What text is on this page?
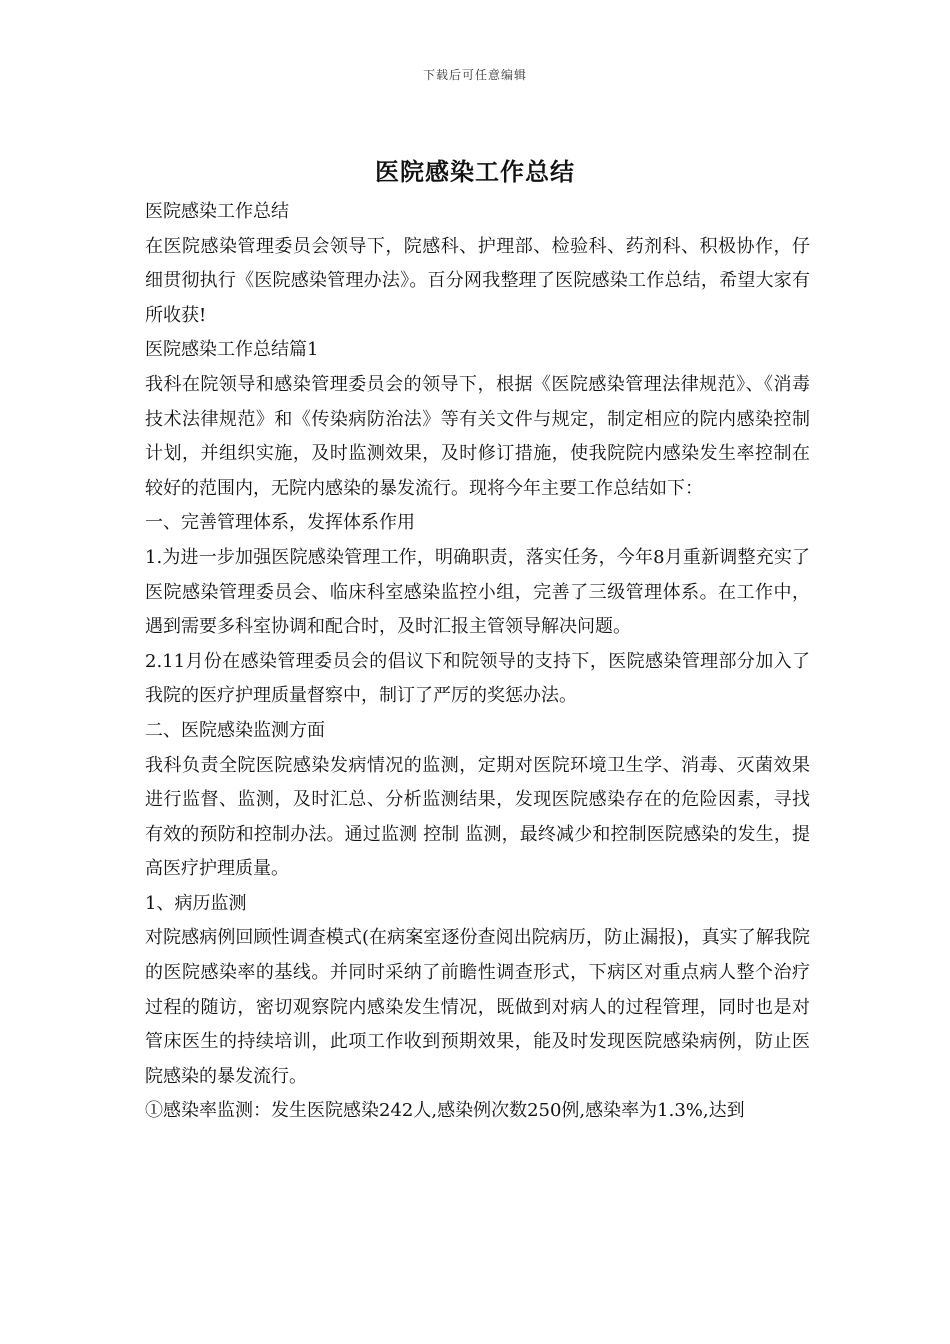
下载后可任意编辑
医院感染工作总结

医院感染工作总结

在医院感染管理委员会领导下，院感科、护理部、检验科、药剂科、积极协作，仔细贯彻执行《医院感染管理办法》。百分网我整理了医院感染工作总结，希望大家有所收获!

医院感染工作总结篇1

我科在院领导和感染管理委员会的领导下，根据《医院感染管理法律规范》、《消毒技术法律规范》和《传染病防治法》等有关文件与规定，制定相应的院内感染控制计划，并组织实施，及时监测效果，及时修订措施，使我院院内感染发生率控制在较好的范围内，无院内感染的暴发流行。现将今年主要工作总结如下：

一、完善管理体系，发挥体系作用

1.为进一步加强医院感染管理工作，明确职责，落实任务，今年8月重新调整充实了医院感染管理委员会、临床科室感染监控小组，完善了三级管理体系。在工作中，遇到需要多科室协调和配合时，及时汇报主管领导解决问题。

2.11月份在感染管理委员会的倡议下和院领导的支持下，医院感染管理部分加入了我院的医疗护理质量督察中，制订了严厉的奖惩办法。

二、医院感染监测方面

我科负责全院医院感染发病情况的监测，定期对医院环境卫生学、消毒、灭菌效果进行监督、监测，及时汇总、分析监测结果，发现医院感染存在的危险因素，寻找有效的预防和控制办法。通过监测 控制 监测，最终减少和控制医院感染的发生，提高医疗护理质量。

1、病历监测

对院感病例回顾性调查模式(在病案室逐份查阅出院病历，防止漏报)，真实了解我院的医院感染率的基线。并同时采纳了前瞻性调查形式，下病区对重点病人整个治疗过程的随访，密切观察院内感染发生情况，既做到对病人的过程管理，同时也是对管床医生的持续培训，此项工作收到预期效果，能及时发现医院感染病例，防止医院感染的暴发流行。

①感染率监测：发生医院感染242人,感染例次数250例,感染率为1.3%,达到
